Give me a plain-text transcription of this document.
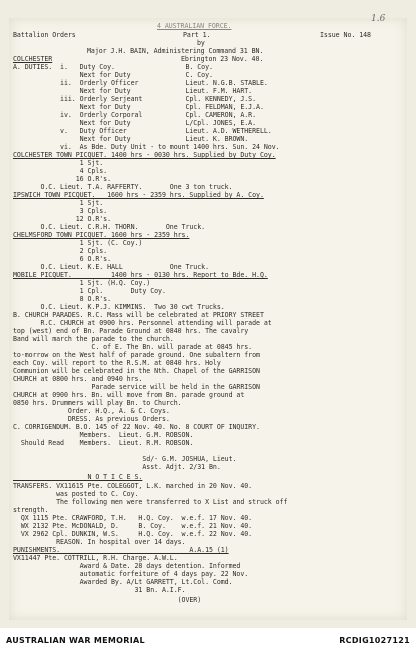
4 AUSTRALIAN FORCE.
Battalion Orders	Part 1.	Issue No. 148
1.6
by
Major J.H. BAIN, Administering Command 31 BN.
Ebrington 23 Nov. 40.
COLCHESTER
A. DUTIES.  i.   Duty Coy.                  B. Coy.
Next for Duty              C. Coy.
ii.  Orderly Officer            Lieut. N.G.B. STABLE.
Next for Duty              Lieut. F.M. HART.
iii. Orderly Serjeant           Cpl. KENNEDY, J.S.
Next for Duty              Cpl. FELDMAN, E.J.A.
iv.  Orderly Corporal           Cpl. CAMERON, A.R.
Next for Duty              L/Cpl. JONES, E.A.
v.   Duty Officer               Lieut. A.D. WETHERELL.
Next for Duty              Lieut. K. BROWN.
vi.  As Bde. Duty Unit - to mount 1400 hrs. Sun. 24 Nov.
COLCHESTER TOWN PICQUET. 1400 hrs - 0030 hrs. Supplied by Duty Coy.
1 Sjt.
4 Cpls.
16 O.R's.
O.C. Lieut. T.A. RAFFERTY.       One 3 ton truck.
IPSWICH TOWN PICQUET.   1600 hrs - 2359 hrs. Supplied by A. Coy.
1 Sjt.
3 Cpls.
12 O.R's.
O.C. Lieut. C.R.H. THORN.       One Truck.
CHELMSFORD TOWN PICQUET. 1600 hrs - 2359 hrs.
1 Sjt. (C. Coy.)
2 Cpls.
6 O.R's.
O.C. Lieut. K.E. HALL            One Truck.
MOBILE PICQUET.          1400 hrs - 0130 hrs. Report to Bde. H.Q.
1 Sjt. (H.Q. Coy.)
1 Cpl.       Duty Coy.
8 O.R's.
O.C. Lieut. K.P.J. KIMMINS.  Two 30 cwt Trucks.
B. CHURCH PARADES. R.C. Mass will be celebrated at PRIORY STREET
R.C. CHURCH at 0900 hrs. Personnel attending will parade at
top (west) end of Bn. Parade Ground at 0840 hrs. The cavalry
Band will march the parade to the church.
C. of E. The Bn. will parade at 0845 hrs.
to-morrow on the West half of parade ground. One subaltern from
each Coy. will report to the R.S.M. at 0840 hrs. Holy
Communion will be celebrated in the Nth. Chapel of the GARRISON
CHURCH at 0800 hrs. and 0940 hrs.
Parade service will be held in the GARRISON
CHURCH at 0900 hrs. Bn. will move from Bn. parade ground at
0850 hrs. Drummers will play Bn. to Church.
Order. H.Q., A. & C. Coys.
DRESS. As previous Orders.
C. CORRIGENDUM. B.O. 145 of 22 Nov. 40. No. 8 COURT OF INQUIRY.
Members.  Lieut. G.M. ROBSON.
Should Read    Members.  Lieut. R.M. ROBSON.
Sd/- G.M. JOSHUA, Lieut.
Asst. Adjt. 2/31 Bn.
N O T I C E S.
TRANSFERS. VX11615 Pte. COLEGGOT, L.K. marched in 20 Nov. 40.
was posted to C. Coy.
The following men were transferred to X List and struck off
strength.
QX 1115 Pte. CRAWFORD, T.H.   H.Q. Coy.  w.e.f. 17 Nov. 40.
WX 2132 Pte. McDONALD, D.     B. Coy.    w.e.f. 21 Nov. 40.
VX 2962 Cpl. DUNKIN, W.S.     H.Q. Coy.  w.e.f. 22 Nov. 40.
REASON. In hospital over 14 days.
PUNISHMENTS.                                 A.A.15 (1)
VX11447 Pte. COTTRILL, R.H. Charge. A.W.L.
Award & Date. 28 days detention. Informed
automatic forfeiture of 4 days pay. 22 Nov.
Awarded By. A/Lt GARRETT, Lt.Col. Comd.
31 Bn. A.I.F.
(OVER)
AUSTRALIAN WAR MEMORIAL	RCDIG1027121
